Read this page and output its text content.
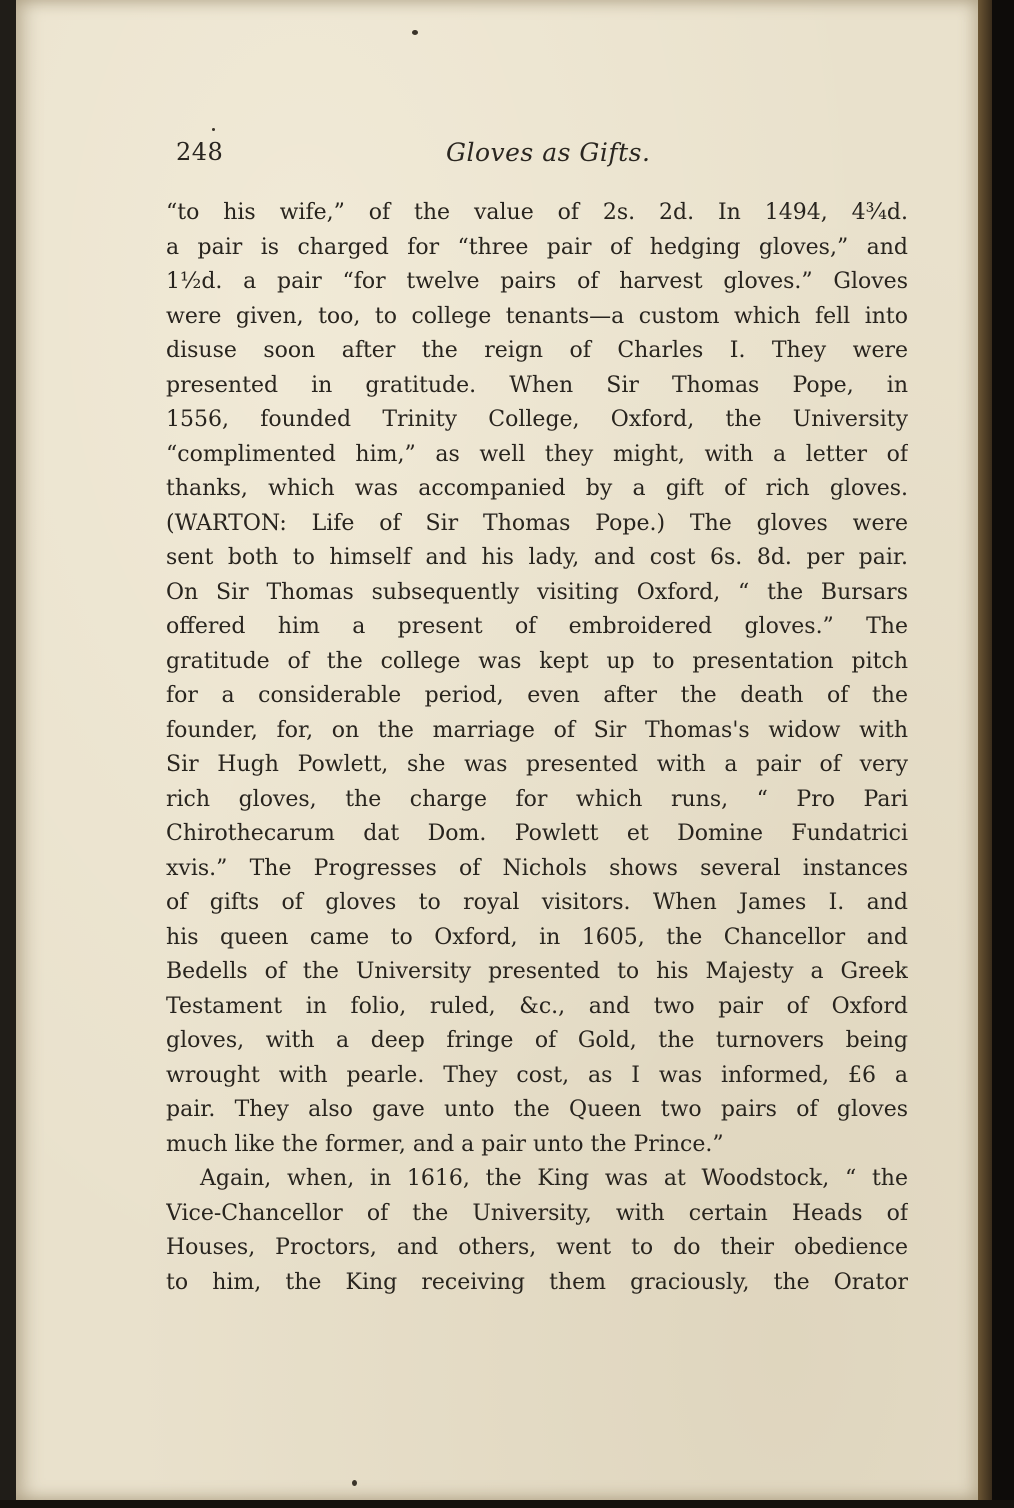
248	Gloves as Gifts.
“to his wife,” of the value of 2s. 2d. In 1494, 4¾d.
a pair is charged for “three pair of hedging gloves,” and
1½d. a pair “for twelve pairs of harvest gloves.” Gloves
were given, too, to college tenants—a custom which fell into
disuse soon after the reign of Charles I. They were
presented in gratitude. When Sir Thomas Pope, in
1556, founded Trinity College, Oxford, the University
“complimented him,” as well they might, with a letter of
thanks, which was accompanied by a gift of rich gloves.
(WARTON: Life of Sir Thomas Pope.) The gloves were
sent both to himself and his lady, and cost 6s. 8d. per pair.
On Sir Thomas subsequently visiting Oxford, “ the Bursars
offered him a present of embroidered gloves.” The
gratitude of the college was kept up to presentation pitch
for a considerable period, even after the death of the
founder, for, on the marriage of Sir Thomas's widow with
Sir Hugh Powlett, she was presented with a pair of very
rich gloves, the charge for which runs, “ Pro Pari
Chirothecarum dat Dom. Powlett et Domine Fundatrici
xvis.” The Progresses of Nichols shows several instances
of gifts of gloves to royal visitors. When James I. and
his queen came to Oxford, in 1605, the Chancellor and
Bedells of the University presented to his Majesty a Greek
Testament in folio, ruled, &c., and two pair of Oxford
gloves, with a deep fringe of Gold, the turnovers being
wrought with pearle. They cost, as I was informed, £6 a
pair. They also gave unto the Queen two pairs of gloves
much like the former, and a pair unto the Prince.”
Again, when, in 1616, the King was at Woodstock, “ the
Vice-Chancellor of the University, with certain Heads of
Houses, Proctors, and others, went to do their obedience
to him, the King receiving them graciously, the Orator
